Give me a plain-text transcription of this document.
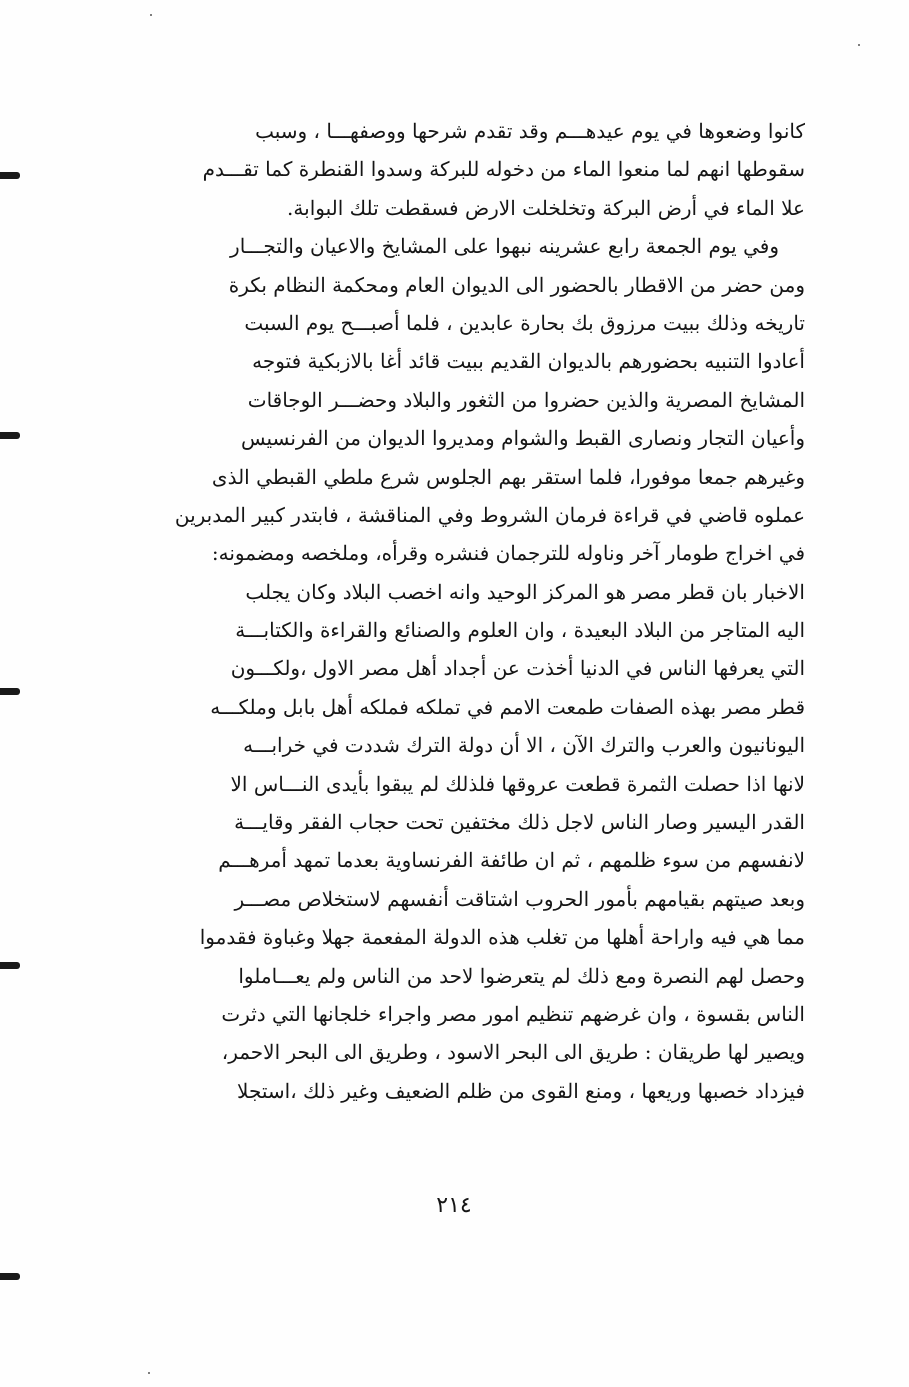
كانوا وضعوها في يوم عيدهـــم وقد تقدم شرحها ووصفهـــا ، وسبب
سقوطها انهم لما منعوا الماء من دخوله للبركة وسدوا القنطرة كما تقـــدم
علا الماء في أرض البركة وتخلخلت الارض فسقطت تلك البوابة.
وفي يوم الجمعة رابع عشرينه نبهوا على المشايخ والاعيان والتجـــار
ومن حضر من الاقطار بالحضور الى الديوان العام ومحكمة النظام بكرة
تاريخه وذلك ببيت مرزوق بك بحارة عابدين ، فلما أصبـــح يوم السبت
أعادوا التنبيه بحضورهم بالديوان القديم ببيت قائد أغا بالازبكية فتوجه
المشايخ المصرية والذين حضروا من الثغور والبلاد وحضـــر الوجاقات
وأعيان التجار ونصارى القبط والشوام ومديروا الديوان من الفرنسيس
وغيرهم جمعا موفورا، فلما استقر بهم الجلوس شرع ملطي القبطي الذى
عملوه قاضي في قراءة فرمان الشروط وفي المناقشة ، فابتدر كبير المدبرين
في اخراج طومار آخر وناوله للترجمان فنشره وقرأه، وملخصه ومضمونه:
الاخبار بان قطر مصر هو المركز الوحيد وانه اخصب البلاد وكان يجلب
اليه المتاجر من البلاد البعيدة ، وان العلوم والصنائع والقراءة والكتابـــة
التي يعرفها الناس في الدنيا أخذت عن أجداد أهل مصر الاول ،ولكـــون
قطر مصر بهذه الصفات طمعت الامم في تملكه فملكه أهل بابل وملكـــه
اليونانيون والعرب والترك الآن ، الا أن دولة الترك شددت في خرابـــه
لانها اذا حصلت الثمرة قطعت عروقها فلذلك لم يبقوا بأيدى النـــاس الا
القدر اليسير وصار الناس لاجل ذلك مختفين تحت حجاب الفقر وقايـــة
لانفسهم من سوء ظلمهم ، ثم ان طائفة الفرنساوية بعدما تمهد أمرهـــم
وبعد صيتهم بقيامهم بأمور الحروب اشتاقت أنفسهم لاستخلاص مصـــر
مما هي فيه واراحة أهلها من تغلب هذه الدولة المفعمة جهلا وغباوة فقدموا
وحصل لهم النصرة ومع ذلك لم يتعرضوا لاحد من الناس ولم يعـــاملوا
الناس بقسوة ، وان غرضهم تنظيم امور مصر واجراء خلجانها التي دثرت
ويصير لها طريقان : طريق الى البحر الاسود ، وطريق الى البحر الاحمر،
فيزداد خصبها وريعها ، ومنع القوى من ظلم الضعيف وغير ذلك ،استجلا
٢١٤
